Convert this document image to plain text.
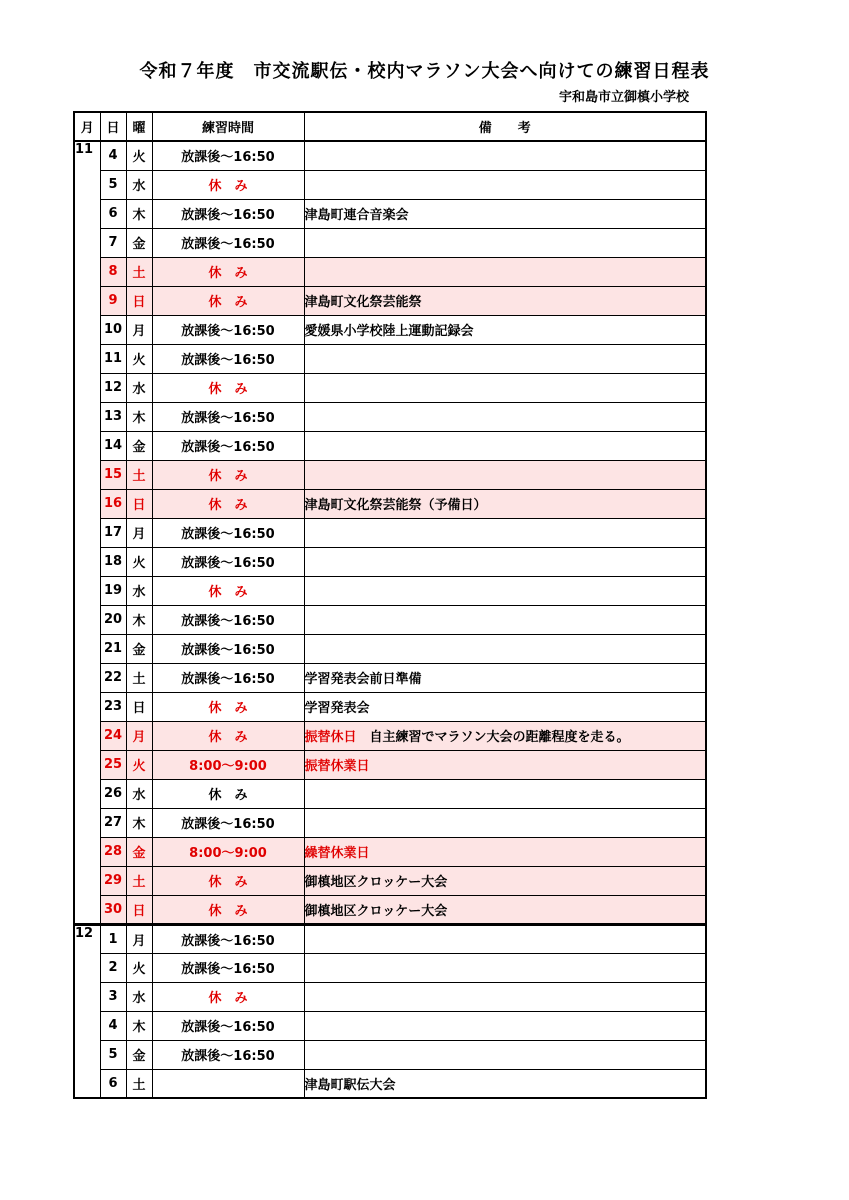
令和７年度　市交流駅伝・校内マラソン大会へ向けての練習日程表
宇和島市立御槙小学校
月	日	曜	練習時間	備　　考
11	4	火	放課後～16:50	
	5	水	休　み	
	6	木	放課後～16:50	津島町連合音楽会
	7	金	放課後～16:50	
	8	土	休　み	
	9	日	休　み	津島町文化祭芸能祭
	10	月	放課後～16:50	愛媛県小学校陸上運動記録会
	11	火	放課後～16:50	
	12	水	休　み	
	13	木	放課後～16:50	
	14	金	放課後～16:50	
	15	土	休　み	
	16	日	休　み	津島町文化祭芸能祭（予備日）
	17	月	放課後～16:50	
	18	火	放課後～16:50	
	19	水	休　み	
	20	木	放課後～16:50	
	21	金	放課後～16:50	
	22	土	放課後～16:50	学習発表会前日準備
	23	日	休　み	学習発表会
	24	月	休　み	振替休日　自主練習でマラソン大会の距離程度を走る。
	25	火	8:00～9:00	振替休業日
	26	水	休　み	
	27	木	放課後～16:50	
	28	金	8:00～9:00	繰替休業日
	29	土	休　み	御槙地区クロッケー大会
	30	日	休　み	御槙地区クロッケー大会
12	1	月	放課後～16:50	
	2	火	放課後～16:50	
	3	水	休　み	
	4	木	放課後～16:50	
	5	金	放課後～16:50	
	6	土		津島町駅伝大会
